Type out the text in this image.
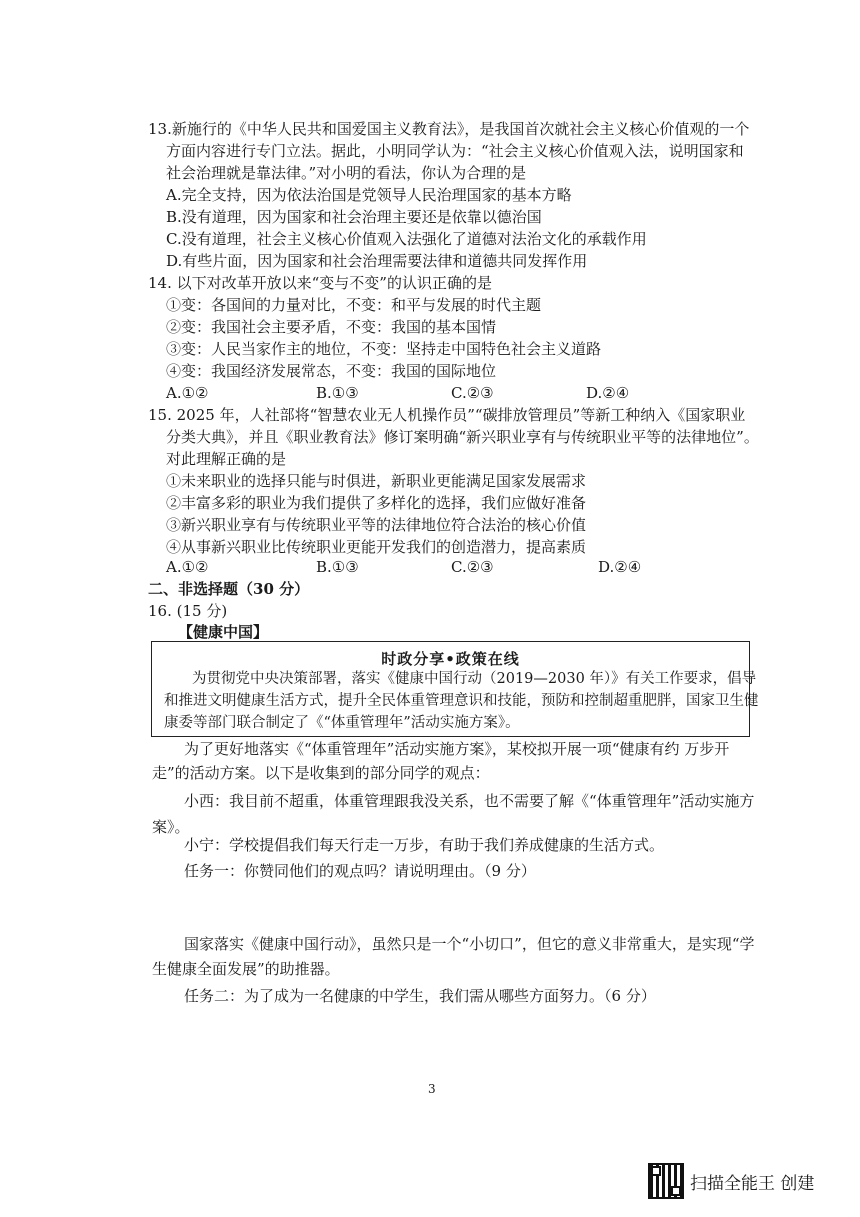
13.新施行的《中华人民共和国爱国主义教育法》，是我国首次就社会主义核心价值观的一个
方面内容进行专门立法。据此，小明同学认为：“社会主义核心价值观入法，说明国家和
社会治理就是靠法律。”对小明的看法，你认为合理的是
A.完全支持，因为依法治国是党领导人民治理国家的基本方略
B.没有道理，因为国家和社会治理主要还是依靠以德治国
C.没有道理，社会主义核心价值观入法强化了道德对法治文化的承载作用
D.有些片面，因为国家和社会治理需要法律和道德共同发挥作用
14. 以下对改革开放以来“变与不变”的认识正确的是
①变：各国间的力量对比，不变：和平与发展的时代主题
②变：我国社会主要矛盾，不变：我国的基本国情
③变：人民当家作主的地位，不变：坚持走中国特色社会主义道路
④变：我国经济发展常态，不变：我国的国际地位
A.①②	B.①③	C.②③	D.②④
15. 2025 年，人社部将“智慧农业无人机操作员”“碳排放管理员”等新工种纳入《国家职业
分类大典》，并且《职业教育法》修订案明确“新兴职业享有与传统职业平等的法律地位”。
对此理解正确的是
①未来职业的选择只能与时俱进，新职业更能满足国家发展需求
②丰富多彩的职业为我们提供了多样化的选择，我们应做好准备
③新兴职业享有与传统职业平等的法律地位符合法治的核心价值
④从事新兴职业比传统职业更能开发我们的创造潜力，提高素质
A.①②	B.①③	C.②③	D.②④
二、非选择题（30 分）
16. (15 分)
【健康中国】
时政分享•政策在线
为贯彻党中央决策部署，落实《健康中国行动（2019—2030 年）》有关工作要求，倡导
和推进文明健康生活方式，提升全民体重管理意识和技能，预防和控制超重肥胖，国家卫生健
康委等部门联合制定了《“体重管理年”活动实施方案》。
为了更好地落实《“体重管理年”活动实施方案》，某校拟开展一项“健康有约 万步开
走”的活动方案。以下是收集到的部分同学的观点：
小西：我目前不超重，体重管理跟我没关系，也不需要了解《“体重管理年”活动实施方
案》。
小宁：学校提倡我们每天行走一万步，有助于我们养成健康的生活方式。
任务一：你赞同他们的观点吗？请说明理由。（9 分）
国家落实《健康中国行动》，虽然只是一个“小切口”，但它的意义非常重大，是实现“学
生健康全面发展”的助推器。
任务二：为了成为一名健康的中学生，我们需从哪些方面努力。（6 分）
3
扫描全能王 创建
